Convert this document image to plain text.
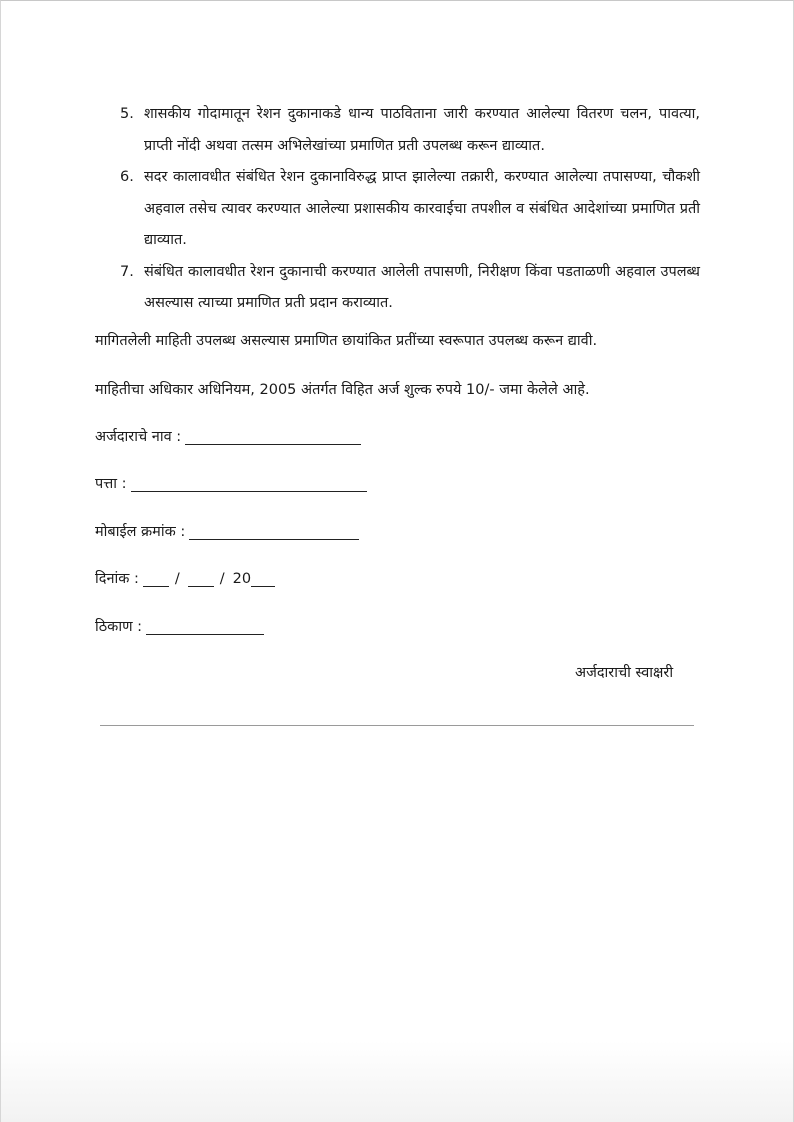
5. शासकीय गोदामातून रेशन दुकानाकडे धान्य पाठविताना जारी करण्यात आलेल्या वितरण चलन, पावत्या, प्राप्ती नोंदी अथवा तत्सम अभिलेखांच्या प्रमाणित प्रती उपलब्ध करून द्याव्यात.
6. सदर कालावधीत संबंधित रेशन दुकानाविरुद्ध प्राप्त झालेल्या तक्रारी, करण्यात आलेल्या तपासण्या, चौकशी अहवाल तसेच त्यावर करण्यात आलेल्या प्रशासकीय कारवाईचा तपशील व संबंधित आदेशांच्या प्रमाणित प्रती द्याव्यात.
7. संबंधित कालावधीत रेशन दुकानाची करण्यात आलेली तपासणी, निरीक्षण किंवा पडताळणी अहवाल उपलब्ध असल्यास त्याच्या प्रमाणित प्रती प्रदान कराव्यात.

मागितलेली माहिती उपलब्ध असल्यास प्रमाणित छायांकित प्रतींच्या स्वरूपात उपलब्ध करून द्यावी.

माहितीचा अधिकार अधिनियम, 2005 अंतर्गत विहित अर्ज शुल्क रुपये 10/- जमा केलेले आहे.

अर्जदाराचे नाव :
पत्ता :
मोबाईल क्रमांक :
दिनांक : /	/ 20
ठिकाण :

अर्जदाराची स्वाक्षरी
